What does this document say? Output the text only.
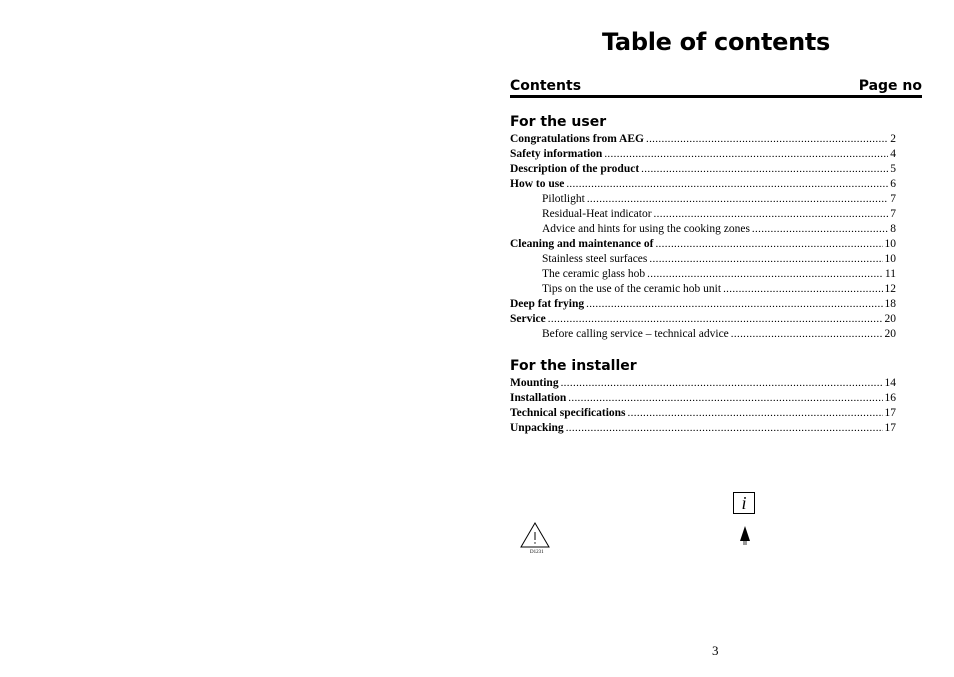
Table of contents
Contents	Page no
For the user
Congratulations from AEG . . .	2
Safety information . . .	4
Description of the product . . .	5
How to use . . .	6
Pilotlight . . .	7
Residual-Heat indicator . . .	7
Advice and hints for using the cooking zones . . .	8
Cleaning and maintenance of . . .	10
Stainless steel surfaces . . .	10
The ceramic glass hob . . .	11
Tips on the use of the ceramic hob unit . . .	12
Deep fat frying . . .	18
Service . . .	20
Before calling service – technical advice . . .	20
For the installer
Mounting . . .	14
Installation . . .	16
Technical specifications . . .	17
Unpacking . . .	17
D1231
i
3
